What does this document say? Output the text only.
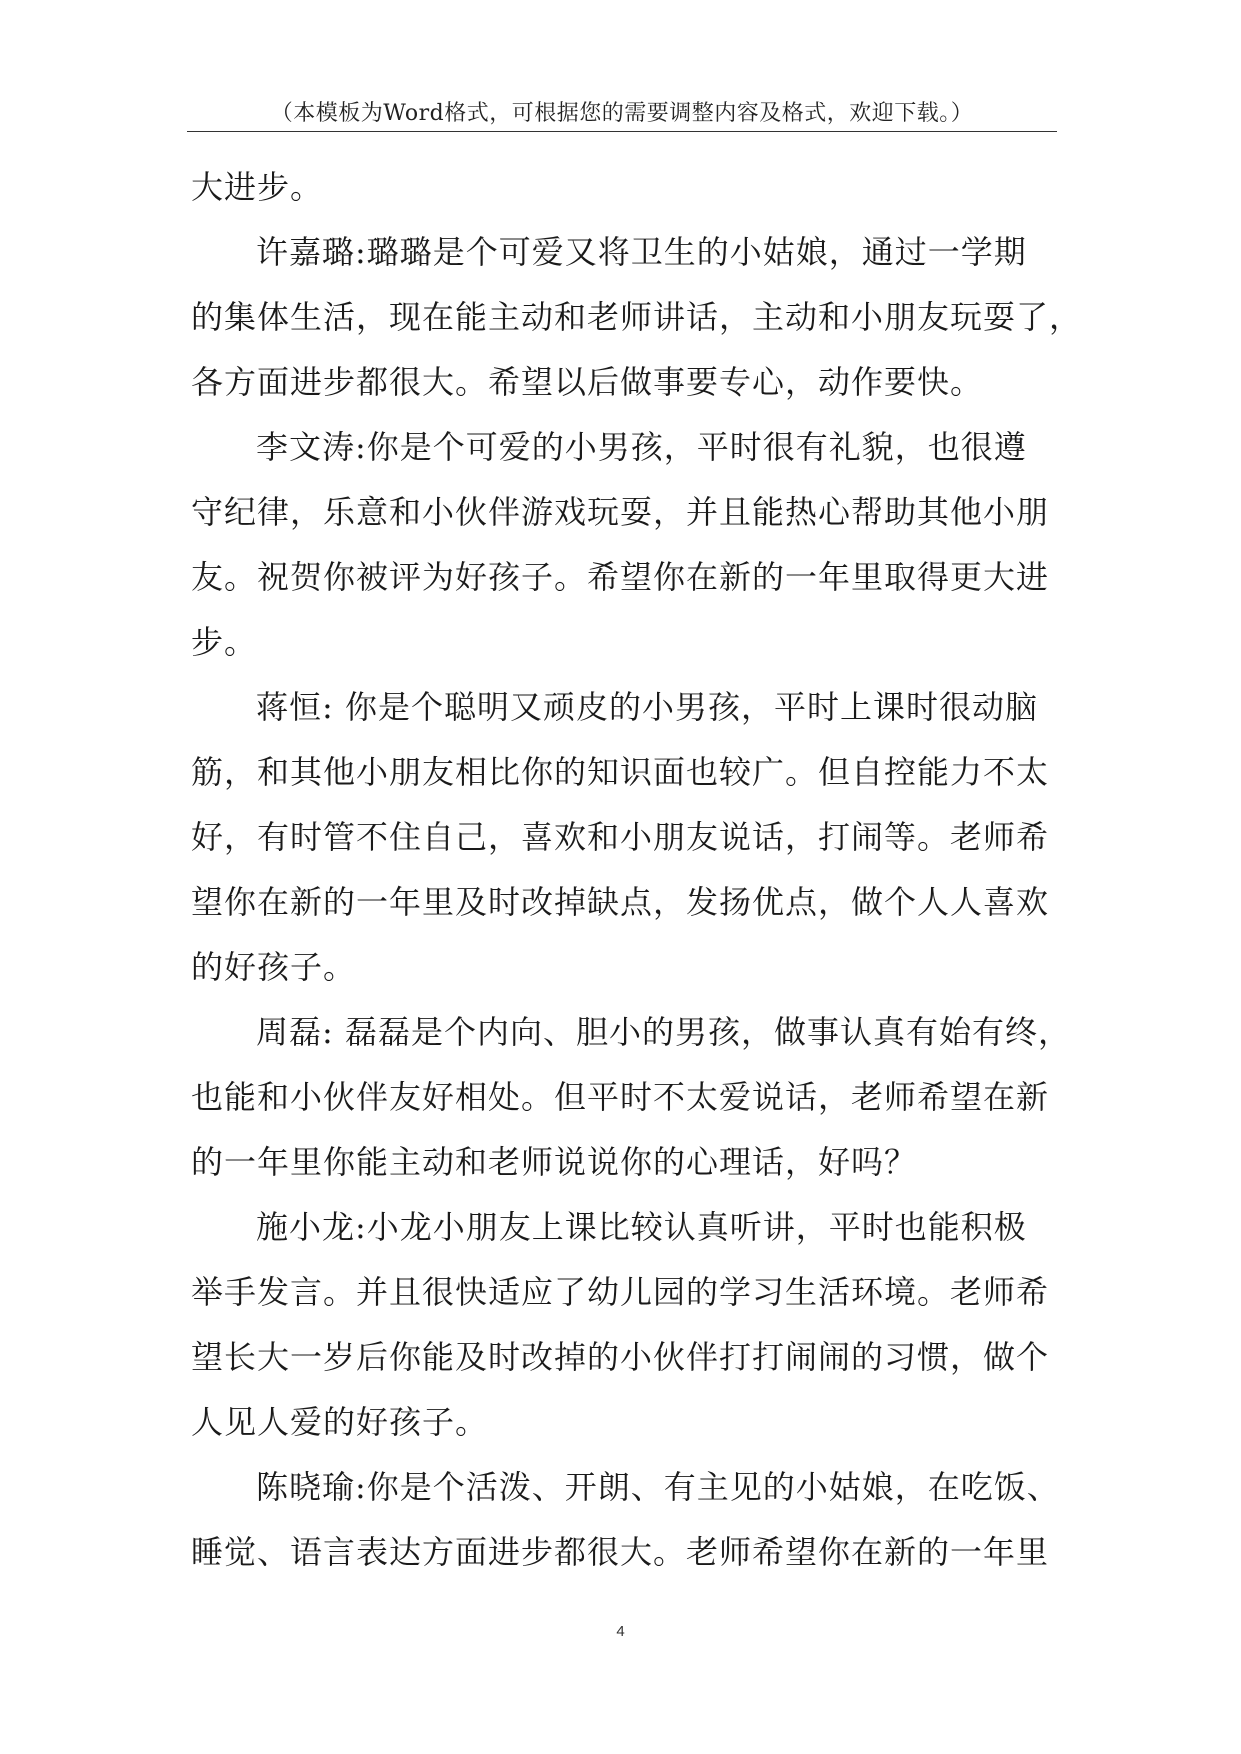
（本模板为Word格式，可根据您的需要调整内容及格式，欢迎下载。）
大进步。
许嘉璐:璐璐是个可爱又将卫生的小姑娘，通过一学期
的集体生活，现在能主动和老师讲话，主动和小朋友玩耍了，
各方面进步都很大。希望以后做事要专心，动作要快。
李文涛:你是个可爱的小男孩，平时很有礼貌，也很遵
守纪律，乐意和小伙伴游戏玩耍，并且能热心帮助其他小朋
友。祝贺你被评为好孩子。希望你在新的一年里取得更大进
步。
蒋恒: 你是个聪明又顽皮的小男孩，平时上课时很动脑
筋，和其他小朋友相比你的知识面也较广。但自控能力不太
好，有时管不住自己，喜欢和小朋友说话，打闹等。老师希
望你在新的一年里及时改掉缺点，发扬优点，做个人人喜欢
的好孩子。
周磊: 磊磊是个内向、胆小的男孩，做事认真有始有终，
也能和小伙伴友好相处。但平时不太爱说话，老师希望在新
的一年里你能主动和老师说说你的心理话，好吗？
施小龙:小龙小朋友上课比较认真听讲，平时也能积极
举手发言。并且很快适应了幼儿园的学习生活环境。老师希
望长大一岁后你能及时改掉的小伙伴打打闹闹的习惯，做个
人见人爱的好孩子。
陈晓瑜:你是个活泼、开朗、有主见的小姑娘，在吃饭、
睡觉、语言表达方面进步都很大。老师希望你在新的一年里
4
